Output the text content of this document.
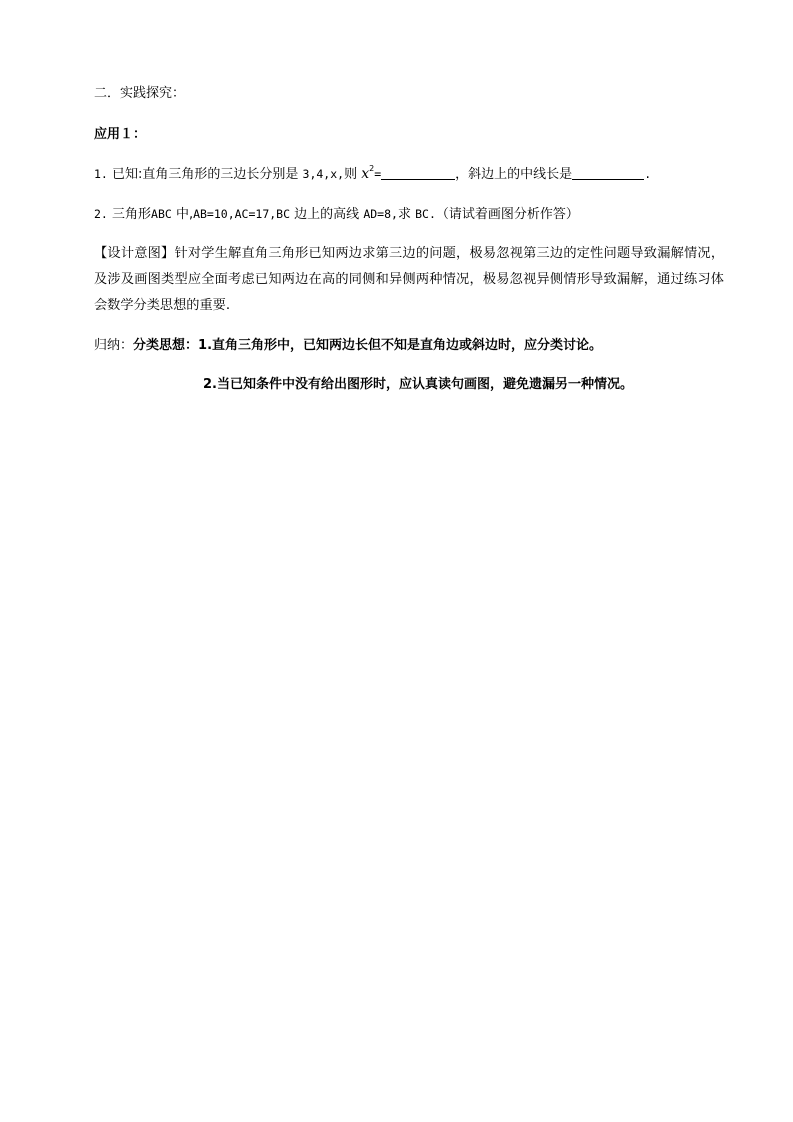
二．实践探究：
应用１：
1. 已知:直角三角形的三边长分别是 3,4,x,则 $x^2=$	，斜边上的中线长是	.
2. 三角形ABC 中,AB=10,AC=17,BC 边上的高线 AD=8,求 BC.（请试着画图分析作答）
【设计意图】针对学生解直角三角形已知两边求第三边的问题，极易忽视第三边的定性问题导致漏解情况，及涉及画图类型应全面考虑已知两边在高的同侧和异侧两种情况，极易忽视异侧情形导致漏解，通过练习体会数学分类思想的重要.
归纳：分类思想：1.直角三角形中，已知两边长但不知是直角边或斜边时，应分类讨论。
2.当已知条件中没有给出图形时，应认真读句画图，避免遗漏另一种情况。
